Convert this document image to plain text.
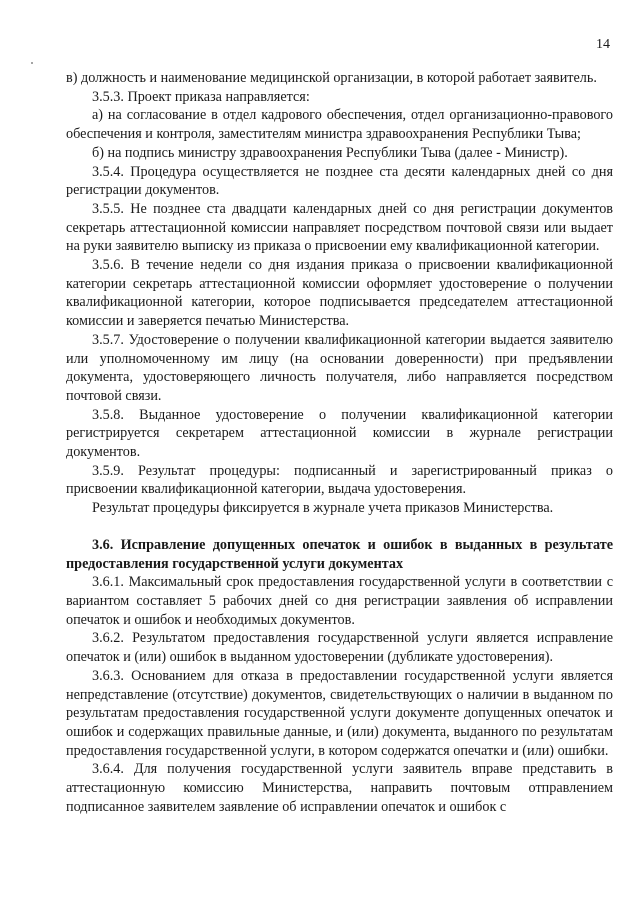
14

в) должность и наименование медицинской организации, в которой работает заявитель.

3.5.3. Проект приказа направляется:

а) на согласование в отдел кадрового обеспечения, отдел организационно-правового обеспечения и контроля, заместителям министра здравоохранения Республики Тыва;

б) на подпись министру здравоохранения Республики Тыва (далее - Министр).

3.5.4. Процедура осуществляется не позднее ста десяти календарных дней со дня регистрации документов.

3.5.5. Не позднее ста двадцати календарных дней со дня регистрации документов секретарь аттестационной комиссии направляет посредством почтовой связи или выдает на руки заявителю выписку из приказа о присвоении ему квалификационной категории.

3.5.6. В течение недели со дня издания приказа о присвоении квалификационной категории секретарь аттестационной комиссии оформляет удостоверение о получении квалификационной категории, которое подписывается председателем аттестационной комиссии и заверяется печатью Министерства.

3.5.7. Удостоверение о получении квалификационной категории выдается заявителю или уполномоченному им лицу (на основании доверенности) при предъявлении документа, удостоверяющего личность получателя, либо направляется посредством почтовой связи.

3.5.8. Выданное удостоверение о получении квалификационной категории регистрируется секретарем аттестационной комиссии в журнале регистрации документов.

3.5.9. Результат процедуры: подписанный и зарегистрированный приказ о присвоении квалификационной категории, выдача удостоверения.

Результат процедуры фиксируется в журнале учета приказов Министерства.

3.6. Исправление допущенных опечаток и ошибок в выданных в результате предоставления государственной услуги документах

3.6.1. Максимальный срок предоставления государственной услуги в соответствии с вариантом составляет 5 рабочих дней со дня регистрации заявления об исправлении опечаток и ошибок и необходимых документов.

3.6.2. Результатом предоставления государственной услуги является исправление опечаток и (или) ошибок в выданном удостоверении (дубликате удостоверения).

3.6.3. Основанием для отказа в предоставлении государственной услуги является непредставление (отсутствие) документов, свидетельствующих о наличии в выданном по результатам предоставления государственной услуги документе допущенных опечаток и ошибок и содержащих правильные данные, и (или) документа, выданного по результатам предоставления государственной услуги, в котором содержатся опечатки и (или) ошибки.

3.6.4. Для получения государственной услуги заявитель вправе представить в аттестационную комиссию Министерства, направить почтовым отправлением подписанное заявителем заявление об исправлении опечаток и ошибок с
